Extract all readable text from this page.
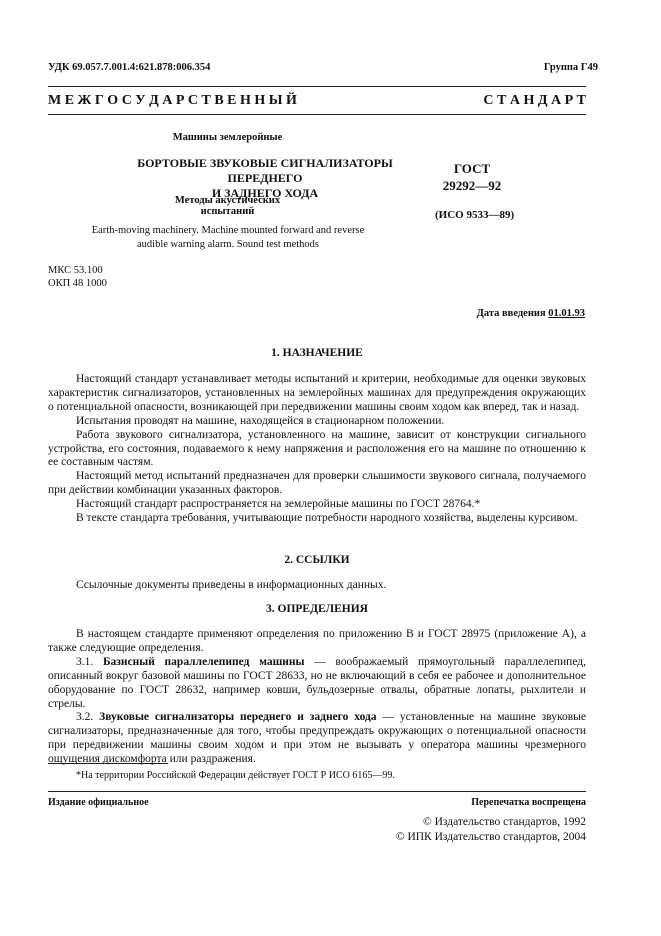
УДК 69.057.7.001.4:621.878:006.354	Группа Г49
М Е Ж Г О С У Д А Р С Т В Е Н Н Ы Й	С Т А Н Д А Р Т
Машины землеройные
БОРТОВЫЕ ЗВУКОВЫЕ СИГНАЛИЗАТОРЫ ПЕРЕДНЕГО
И ЗАДНЕГО ХОДА
Методы акустических испытаний
Earth-moving machinery. Machine mounted forward and reverse
audible warning alarm. Sound test methods
ГОСТ
29292—92
(ИСО 9533—89)
МКС 53.100
ОКП 48 1000
Дата введения 01.01.93
1. НАЗНАЧЕНИЕ

Настоящий стандарт устанавливает методы испытаний и критерии, необходимые для оценки звуковых характеристик сигнализаторов, установленных на землеройных машинах для предупреждения окружающих о потенциальной опасности, возникающей при передвижении машины своим ходом как вперед, так и назад.

Испытания проводят на машине, находящейся в стационарном положении.

Работа звукового сигнализатора, установленного на машине, зависит от конструкции сигнального устройства, его состояния, подаваемого к нему напряжения и расположения его на машине по отношению к ее составным частям.

Настоящий метод испытаний предназначен для проверки слышимости звукового сигнала, получаемого при действии комбинации указанных факторов.

Настоящий стандарт распространяется на землеройные машины по ГОСТ 28764.*

В тексте стандарта требования, учитывающие потребности народного хозяйства, выделены курсивом.

2. ССЫЛКИ

Ссылочные документы приведены в информационных данных.

3. ОПРЕДЕЛЕНИЯ

В настоящем стандарте применяют определения по приложению В и ГОСТ 28975 (приложение А), а также следующие определения.

3.1. Базисный параллелепипед машины — воображаемый прямоугольный параллелепипед, описанный вокруг базовой машины по ГОСТ 28633, но не включающий в себя ее рабочее и дополнительное оборудование по ГОСТ 28632, например ковши, бульдозерные отвалы, обратные лопаты, рыхлители и стрелы.

3.2. Звуковые сигнализаторы переднего и заднего хода — установленные на машине звуковые сигнализаторы, предназначенные для того, чтобы предупреждать окружающих о потенциальной опасности при передвижении машины своим ходом и при этом не вызывать у оператора машины чрезмерного ощущения дискомфорта или раздражения.

*На территории Российской Федерации действует ГОСТ Р ИСО 6165—99.
Издание официальное	Перепечатка воспрещена
© Издательство стандартов, 1992
© ИПК Издательство стандартов, 2004
